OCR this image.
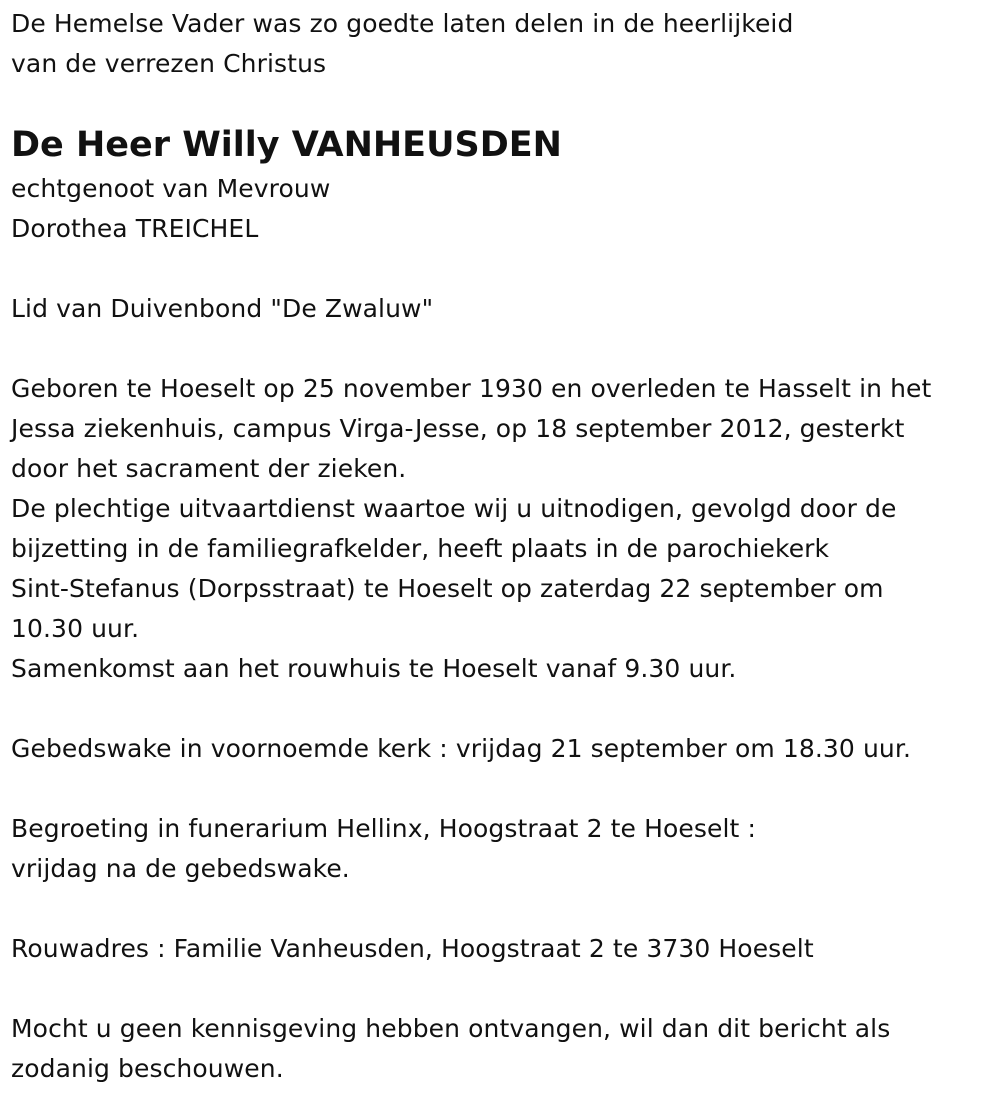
De Hemelse Vader was zo goedte laten delen in de heerlijkeid
van de verrezen Christus
De Heer Willy VANHEUSDEN
echtgenoot van Mevrouw
Dorothea TREICHEL
Lid van Duivenbond "De Zwaluw"
Geboren te Hoeselt op 25 november 1930 en overleden te Hasselt in het
Jessa ziekenhuis, campus Virga-Jesse, op 18 september 2012, gesterkt
door het sacrament der zieken.
De plechtige uitvaartdienst waartoe wij u uitnodigen, gevolgd door de
bijzetting in de familiegrafkelder, heeft plaats in de parochiekerk
Sint-Stefanus (Dorpsstraat) te Hoeselt op zaterdag 22 september om
10.30 uur.
Samenkomst aan het rouwhuis te Hoeselt vanaf 9.30 uur.
Gebedswake in voornoemde kerk : vrijdag 21 september om 18.30 uur.
Begroeting in funerarium Hellinx, Hoogstraat 2 te Hoeselt :
vrijdag na de gebedswake.
Rouwadres : Familie Vanheusden, Hoogstraat 2 te 3730 Hoeselt
Mocht u geen kennisgeving hebben ontvangen, wil dan dit bericht als
zodanig beschouwen.
